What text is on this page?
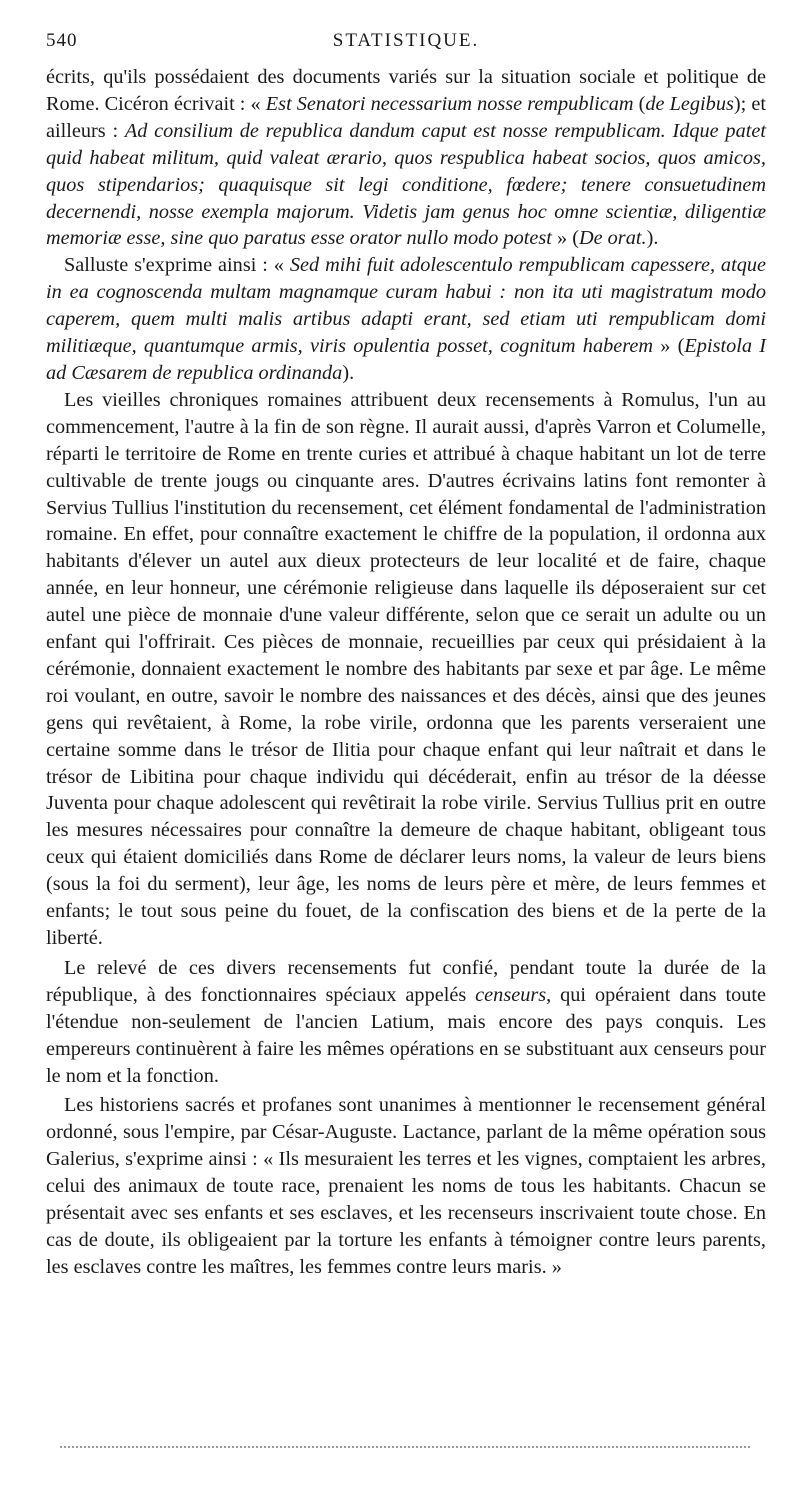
540	STATISTIQUE.

écrits, qu'ils possédaient des documents variés sur la situation sociale et politique de Rome. Cicéron écrivait : « Est Senatori necessarium nosse rempublicam (de Legibus); et ailleurs : Ad consilium de republica dandum caput est nosse rempublicam. Idque patet quid habeat militum, quid valeat ærario, quos respublica habeat socios, quos amicos, quos stipendarios; quaquisque sit legi conditione, fœdere; tenere consuetudinem decernendi, nosse exempla majorum. Videtis jam genus hoc omne scientiæ, diligentiæ memoriæ esse, sine quo paratus esse orator nullo modo potest » (De orat.).

Salluste s'exprime ainsi : « Sed mihi fuit adolescentulo rempublicam capessere, atque in ea cognoscenda multam magnamque curam habui : non ita uti magistratum modo caperem, quem multi malis artibus adapti erant, sed etiam uti rempublicam domi militiæque, quantumque armis, viris opulentia posset, cognitum haberem » (Epistola I ad Cæsarem de republica ordinanda).

Les vieilles chroniques romaines attribuent deux recensements à Romulus, l'un au commencement, l'autre à la fin de son règne. Il aurait aussi, d'après Varron et Columelle, réparti le territoire de Rome en trente curies et attribué à chaque habitant un lot de terre cultivable de trente jougs ou cinquante ares. D'autres écrivains latins font remonter à Servius Tullius l'institution du recensement, cet élément fondamental de l'administration romaine. En effet, pour connaître exactement le chiffre de la population, il ordonna aux habitants d'élever un autel aux dieux protecteurs de leur localité et de faire, chaque année, en leur honneur, une cérémonie religieuse dans laquelle ils déposeraient sur cet autel une pièce de monnaie d'une valeur différente, selon que ce serait un adulte ou un enfant qui l'offrirait. Ces pièces de monnaie, recueillies par ceux qui présidaient à la cérémonie, donnaient exactement le nombre des habitants par sexe et par âge. Le même roi voulant, en outre, savoir le nombre des naissances et des décès, ainsi que des jeunes gens qui revêtaient, à Rome, la robe virile, ordonna que les parents verseraient une certaine somme dans le trésor de Ilitia pour chaque enfant qui leur naîtrait et dans le trésor de Libitina pour chaque individu qui décéderait, enfin au trésor de la déesse Juventa pour chaque adolescent qui revêtirait la robe virile. Servius Tullius prit en outre les mesures nécessaires pour connaître la demeure de chaque habitant, obligeant tous ceux qui étaient domiciliés dans Rome de déclarer leurs noms, la valeur de leurs biens (sous la foi du serment), leur âge, les noms de leurs père et mère, de leurs femmes et enfants; le tout sous peine du fouet, de la confiscation des biens et de la perte de la liberté.

Le relevé de ces divers recensements fut confié, pendant toute la durée de la république, à des fonctionnaires spéciaux appelés censeurs, qui opéraient dans toute l'étendue non-seulement de l'ancien Latium, mais encore des pays conquis. Les empereurs continuèrent à faire les mêmes opérations en se substituant aux censeurs pour le nom et la fonction.

Les historiens sacrés et profanes sont unanimes à mentionner le recensement général ordonné, sous l'empire, par César-Auguste. Lactance, parlant de la même opération sous Galerius, s'exprime ainsi : « Ils mesuraient les terres et les vignes, comptaient les arbres, celui des animaux de toute race, prenaient les noms de tous les habitants. Chacun se présentait avec ses enfants et ses esclaves, et les recenseurs inscrivaient toute chose. En cas de doute, ils obligeaient par la torture les enfants à témoigner contre leurs parents, les esclaves contre les maîtres, les femmes contre leurs maris. »
